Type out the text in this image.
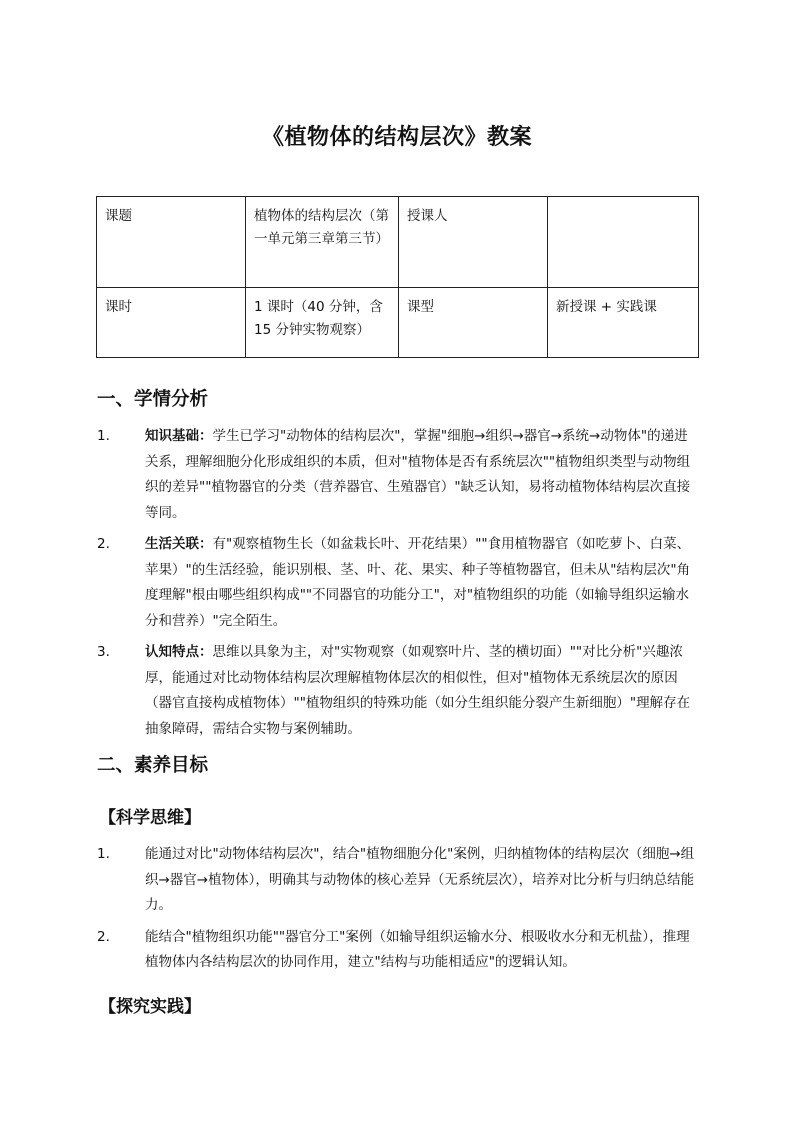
《植物体的结构层次》教案
课题	植物体的结构层次（第一单元第三章第三节）	授课人	
课时	1 课时（40 分钟，含 15 分钟实物观察）	课型	新授课 + 实践课
一、学情分析
1.	知识基础：学生已学习"动物体的结构层次"，掌握"细胞→组织→器官→系统→动物体"的递进关系，理解细胞分化形成组织的本质，但对"植物体是否有系统层次""植物组织类型与动物组织的差异""植物器官的分类（营养器官、生殖器官）"缺乏认知，易将动植物体结构层次直接等同。
2.	生活关联：有"观察植物生长（如盆栽长叶、开花结果）""食用植物器官（如吃萝卜、白菜、苹果）"的生活经验，能识别根、茎、叶、花、果实、种子等植物器官，但未从"结构层次"角度理解"根由哪些组织构成""不同器官的功能分工"，对"植物组织的功能（如输导组织运输水分和营养）"完全陌生。
3.	认知特点：思维以具象为主，对"实物观察（如观察叶片、茎的横切面）""对比分析"兴趣浓厚，能通过对比动物体结构层次理解植物体层次的相似性，但对"植物体无系统层次的原因（器官直接构成植物体）""植物组织的特殊功能（如分生组织能分裂产生新细胞）"理解存在抽象障碍，需结合实物与案例辅助。
二、素养目标
【科学思维】
1.	能通过对比"动物体结构层次"，结合"植物细胞分化"案例，归纳植物体的结构层次（细胞→组织→器官→植物体），明确其与动物体的核心差异（无系统层次），培养对比分析与归纳总结能力。
2.	能结合"植物组织功能""器官分工"案例（如输导组织运输水分、根吸收水分和无机盐），推理植物体内各结构层次的协同作用，建立"结构与功能相适应"的逻辑认知。
【探究实践】
